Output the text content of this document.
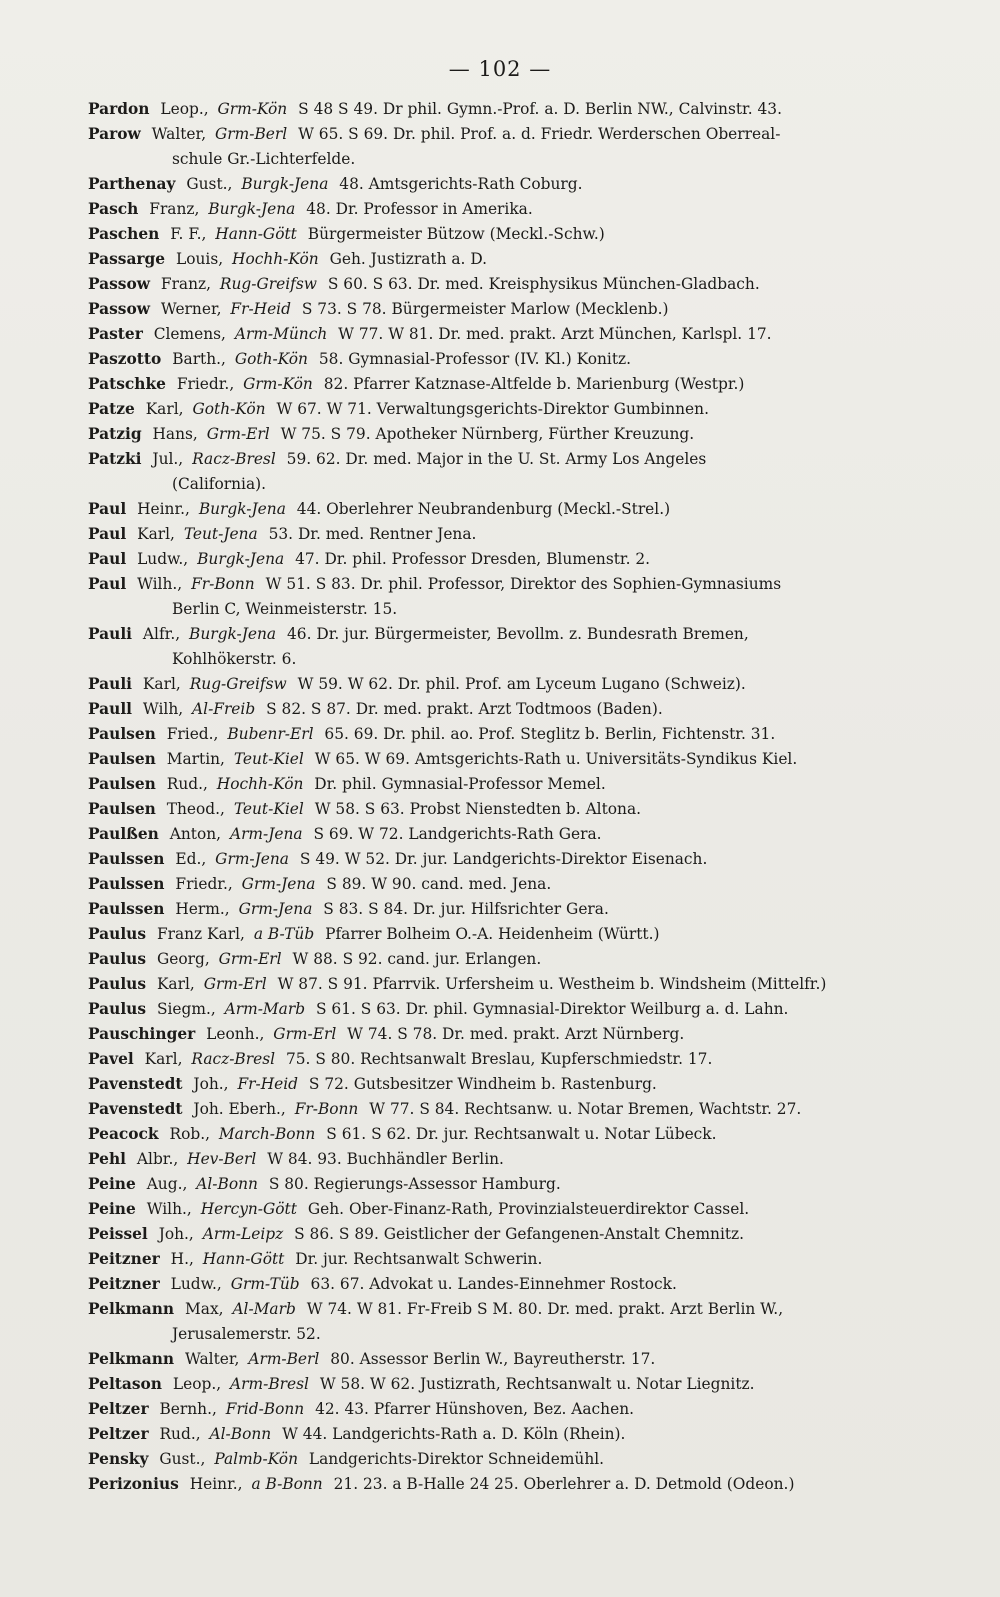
— 102 —
Pardon Leop., Grm-Kön S 48 S 49. Dr phil. Gymn.-Prof. a. D. Berlin NW., Calvinstr. 43.
Parow Walter, Grm-Berl W 65. S 69. Dr. phil. Prof. a. d. Friedr. Werderschen Oberreal-
schule Gr.-Lichterfelde.
Parthenay Gust., Burgk-Jena 48. Amtsgerichts-Rath Coburg.
Pasch Franz, Burgk-Jena 48. Dr. Professor in Amerika.
Paschen F. F., Hann-Gött Bürgermeister Bützow (Meckl.-Schw.)
Passarge Louis, Hochh-Kön Geh. Justizrath a. D.
Passow Franz, Rug-Greifsw S 60. S 63. Dr. med. Kreisphysikus München-Gladbach.
Passow Werner, Fr-Heid S 73. S 78. Bürgermeister Marlow (Mecklenb.)
Paster Clemens, Arm-Münch W 77. W 81. Dr. med. prakt. Arzt München, Karlspl. 17.
Paszotto Barth., Goth-Kön 58. Gymnasial-Professor (IV. Kl.) Konitz.
Patschke Friedr., Grm-Kön 82. Pfarrer Katznase-Altfelde b. Marienburg (Westpr.)
Patze Karl, Goth-Kön W 67. W 71. Verwaltungsgerichts-Direktor Gumbinnen.
Patzig Hans, Grm-Erl W 75. S 79. Apotheker Nürnberg, Fürther Kreuzung.
Patzki Jul., Racz-Bresl 59. 62. Dr. med. Major in the U. St. Army Los Angeles
(California).
Paul Heinr., Burgk-Jena 44. Oberlehrer Neubrandenburg (Meckl.-Strel.)
Paul Karl, Teut-Jena 53. Dr. med. Rentner Jena.
Paul Ludw., Burgk-Jena 47. Dr. phil. Professor Dresden, Blumenstr. 2.
Paul Wilh., Fr-Bonn W 51. S 83. Dr. phil. Professor, Direktor des Sophien-Gymnasiums
Berlin C, Weinmeisterstr. 15.
Pauli Alfr., Burgk-Jena 46. Dr. jur. Bürgermeister, Bevollm. z. Bundesrath Bremen,
Kohlhökerstr. 6.
Pauli Karl, Rug-Greifsw W 59. W 62. Dr. phil. Prof. am Lyceum Lugano (Schweiz).
Paull Wilh, Al-Freib S 82. S 87. Dr. med. prakt. Arzt Todtmoos (Baden).
Paulsen Fried., Bubenr-Erl 65. 69. Dr. phil. ao. Prof. Steglitz b. Berlin, Fichtenstr. 31.
Paulsen Martin, Teut-Kiel W 65. W 69. Amtsgerichts-Rath u. Universitäts-Syndikus Kiel.
Paulsen Rud., Hochh-Kön Dr. phil. Gymnasial-Professor Memel.
Paulsen Theod., Teut-Kiel W 58. S 63. Probst Nienstedten b. Altona.
Paulßen Anton, Arm-Jena S 69. W 72. Landgerichts-Rath Gera.
Paulssen Ed., Grm-Jena S 49. W 52. Dr. jur. Landgerichts-Direktor Eisenach.
Paulssen Friedr., Grm-Jena S 89. W 90. cand. med. Jena.
Paulssen Herm., Grm-Jena S 83. S 84. Dr. jur. Hilfsrichter Gera.
Paulus Franz Karl, a B-Tüb Pfarrer Bolheim O.-A. Heidenheim (Württ.)
Paulus Georg, Grm-Erl W 88. S 92. cand. jur. Erlangen.
Paulus Karl, Grm-Erl W 87. S 91. Pfarrvik. Urfersheim u. Westheim b. Windsheim (Mittelfr.)
Paulus Siegm., Arm-Marb S 61. S 63. Dr. phil. Gymnasial-Direktor Weilburg a. d. Lahn.
Pauschinger Leonh., Grm-Erl W 74. S 78. Dr. med. prakt. Arzt Nürnberg.
Pavel Karl, Racz-Bresl 75. S 80. Rechtsanwalt Breslau, Kupferschmiedstr. 17.
Pavenstedt Joh., Fr-Heid S 72. Gutsbesitzer Windheim b. Rastenburg.
Pavenstedt Joh. Eberh., Fr-Bonn W 77. S 84. Rechtsanw. u. Notar Bremen, Wachtstr. 27.
Peacock Rob., March-Bonn S 61. S 62. Dr. jur. Rechtsanwalt u. Notar Lübeck.
Pehl Albr., Hev-Berl W 84. 93. Buchhändler Berlin.
Peine Aug., Al-Bonn S 80. Regierungs-Assessor Hamburg.
Peine Wilh., Hercyn-Gött Geh. Ober-Finanz-Rath, Provinzialsteuerdirektor Cassel.
Peissel Joh., Arm-Leipz S 86. S 89. Geistlicher der Gefangenen-Anstalt Chemnitz.
Peitzner H., Hann-Gött Dr. jur. Rechtsanwalt Schwerin.
Peitzner Ludw., Grm-Tüb 63. 67. Advokat u. Landes-Einnehmer Rostock.
Pelkmann Max, Al-Marb W 74. W 81. Fr-Freib S M. 80. Dr. med. prakt. Arzt Berlin W.,
Jerusalemerstr. 52.
Pelkmann Walter, Arm-Berl 80. Assessor Berlin W., Bayreutherstr. 17.
Peltason Leop., Arm-Bresl W 58. W 62. Justizrath, Rechtsanwalt u. Notar Liegnitz.
Peltzer Bernh., Frid-Bonn 42. 43. Pfarrer Hünshoven, Bez. Aachen.
Peltzer Rud., Al-Bonn W 44. Landgerichts-Rath a. D. Köln (Rhein).
Pensky Gust., Palmb-Kön Landgerichts-Direktor Schneidemühl.
Perizonius Heinr., a B-Bonn 21. 23. a B-Halle 24 25. Oberlehrer a. D. Detmold (Odeon.)
